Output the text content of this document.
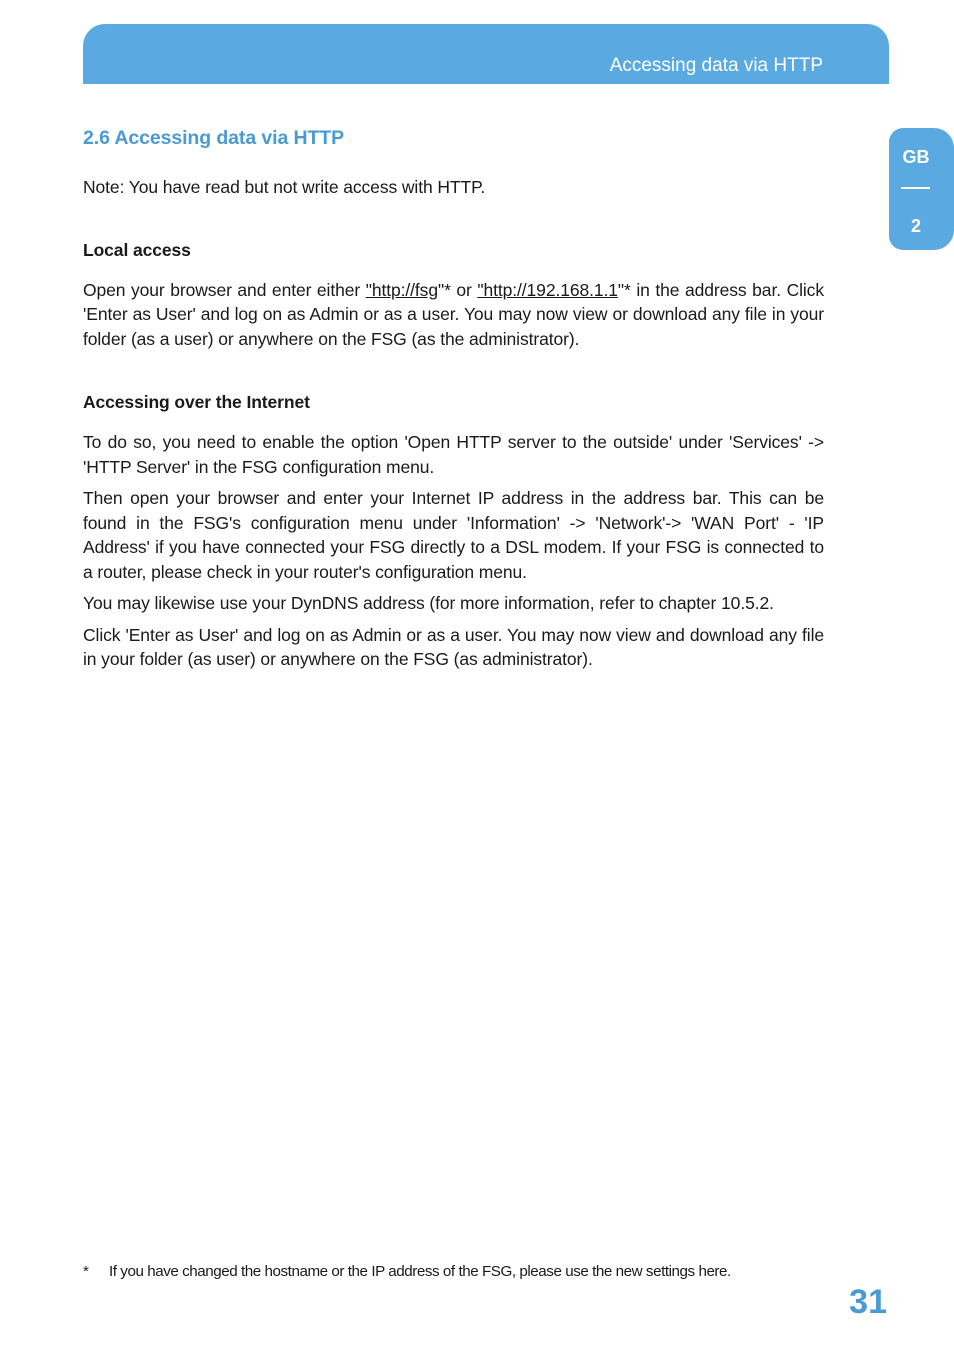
Accessing data via HTTP
GB
2
2.6 Accessing data via HTTP

Note: You have read but not write access with HTTP.

Local access

Open your browser and enter either "http://fsg"* or "http://192.168.1.1"* in the address bar. Click 'Enter as User' and log on as Admin or as a user. You may now view or download any file in your folder (as a user) or anywhere on the FSG (as the administrator).

Accessing over the Internet

To do so, you need to enable the option 'Open HTTP server to the outside' under 'Services' -> 'HTTP Server' in the FSG configuration menu.

Then open your browser and enter your Internet IP address in the address bar. This can be found in the FSG's configuration menu under 'Information' -> 'Network'-> 'WAN Port' - 'IP Address' if you have connected your FSG directly to a DSL modem. If your FSG is connected to a router, please check in your router's configuration menu.

You may likewise use your DynDNS address (for more information, refer to chapter 10.5.2.

Click 'Enter as User' and log on as Admin or as a user. You may now view and download any file in your folder (as user) or anywhere on the FSG (as administrator).

* If you have changed the hostname or the IP address of the FSG, please use the new settings here.
31
